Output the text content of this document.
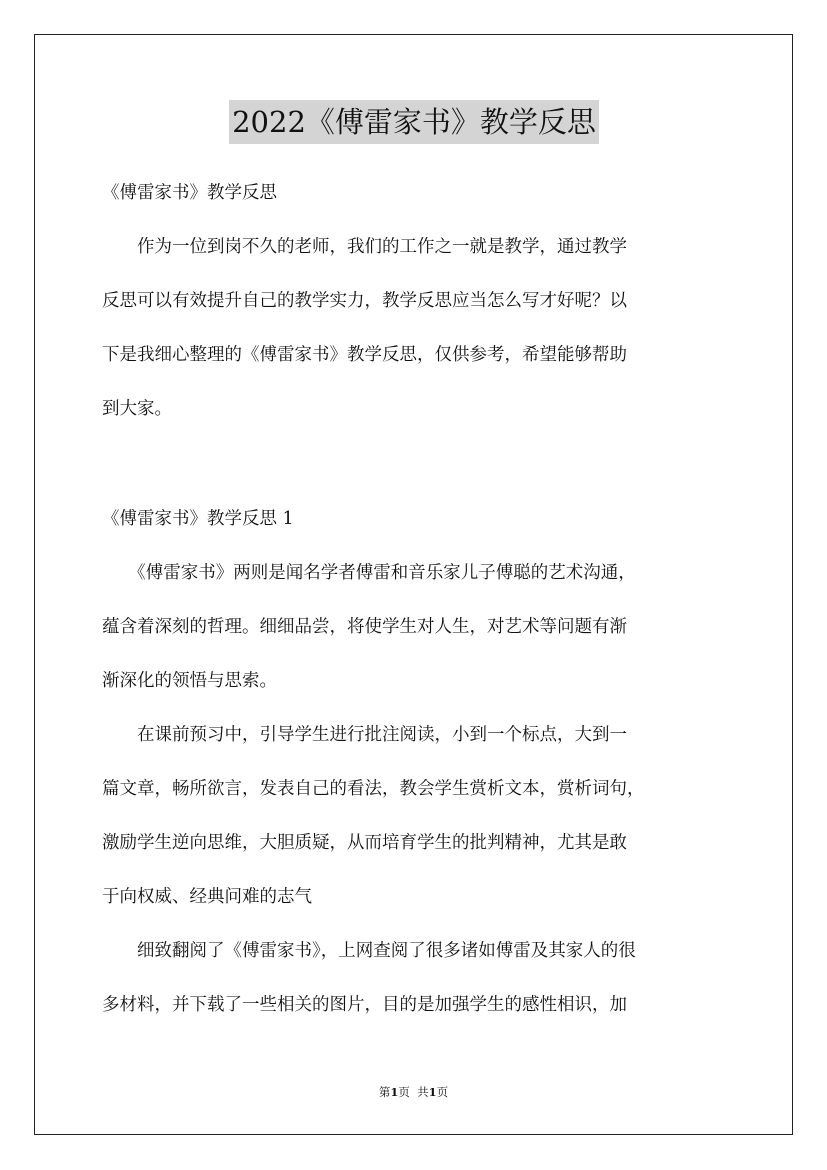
2022《傅雷家书》教学反思
《傅雷家书》教学反思
　　作为一位到岗不久的老师，我们的工作之一就是教学，通过教学
反思可以有效提升自己的教学实力，教学反思应当怎么写才好呢？以
下是我细心整理的《傅雷家书》教学反思，仅供参考，希望能够帮助
到大家。
《傅雷家书》教学反思 1
　　《傅雷家书》两则是闻名学者傅雷和音乐家儿子傅聪的艺术沟通，
蕴含着深刻的哲理。细细品尝，将使学生对人生，对艺术等问题有渐
渐深化的领悟与思索。
　　在课前预习中，引导学生进行批注阅读，小到一个标点，大到一
篇文章，畅所欲言，发表自己的看法，教会学生赏析文本，赏析词句，
激励学生逆向思维，大胆质疑，从而培育学生的批判精神，尤其是敢
于向权威、经典问难的志气
　　细致翻阅了《傅雷家书》，上网查阅了很多诸如傅雷及其家人的很
多材料，并下载了一些相关的图片，目的是加强学生的感性相识，加
第1页 共1页
